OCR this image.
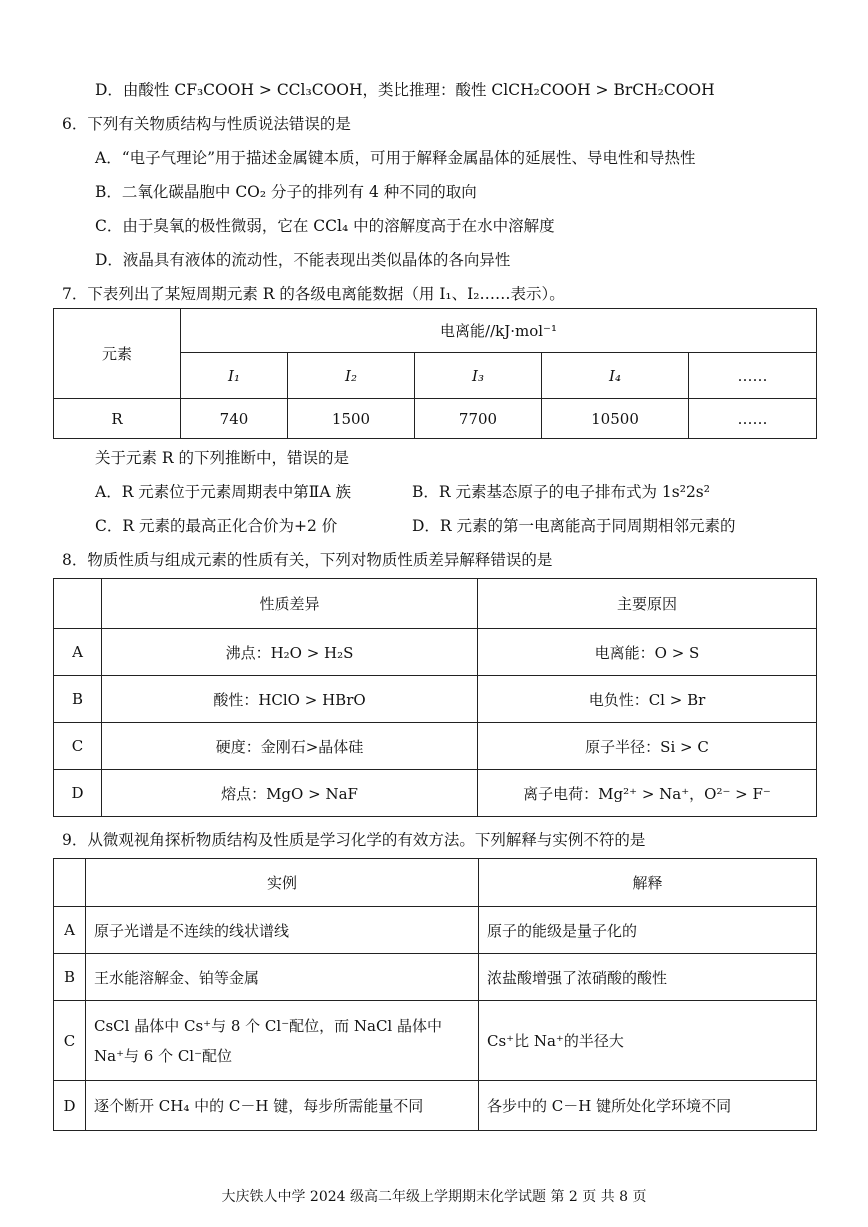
D．由酸性 CF₃COOH > CCl₃COOH，类比推理：酸性 ClCH₂COOH > BrCH₂COOH
6．下列有关物质结构与性质说法错误的是
A．“电子气理论”用于描述金属键本质，可用于解释金属晶体的延展性、导电性和导热性
B．二氧化碳晶胞中 CO₂ 分子的排列有 4 种不同的取向
C．由于臭氧的极性微弱，它在 CCl₄ 中的溶解度高于在水中溶解度
D．液晶具有液体的流动性，不能表现出类似晶体的各向异性
7．下表列出了某短周期元素 R 的各级电离能数据（用 I₁、I₂……表示）。
元素	电离能//kJ·mol⁻¹				
	I₁	I₂	I₃	I₄	……
R	740	1500	7700	10500	……
关于元素 R 的下列推断中，错误的是
A．R 元素位于元素周期表中第ⅡA 族	B．R 元素基态原子的电子排布式为 1s²2s²
C．R 元素的最高正化合价为+2 价	D．R 元素的第一电离能高于同周期相邻元素的
8．物质性质与组成元素的性质有关，下列对物质性质差异解释错误的是
	性质差异	主要原因
A	沸点：H₂O > H₂S	电离能：O > S
B	酸性：HClO > HBrO	电负性：Cl > Br
C	硬度：金刚石>晶体硅	原子半径：Si > C
D	熔点：MgO > NaF	离子电荷：Mg²⁺ > Na⁺，O²⁻ > F⁻
9．从微观视角探析物质结构及性质是学习化学的有效方法。下列解释与实例不符的是
	实例	解释
A	原子光谱是不连续的线状谱线	原子的能级是量子化的
B	王水能溶解金、铂等金属	浓盐酸增强了浓硝酸的酸性
C	CsCl 晶体中 Cs⁺与 8 个 Cl⁻配位，而 NaCl 晶体中
Na⁺与 6 个 Cl⁻配位	Cs⁺比 Na⁺的半径大
D	逐个断开 CH₄ 中的 C－H 键，每步所需能量不同	各步中的 C－H 键所处化学环境不同
大庆铁人中学 2024 级高二年级上学期期末化学试题 第 2 页 共 8 页
